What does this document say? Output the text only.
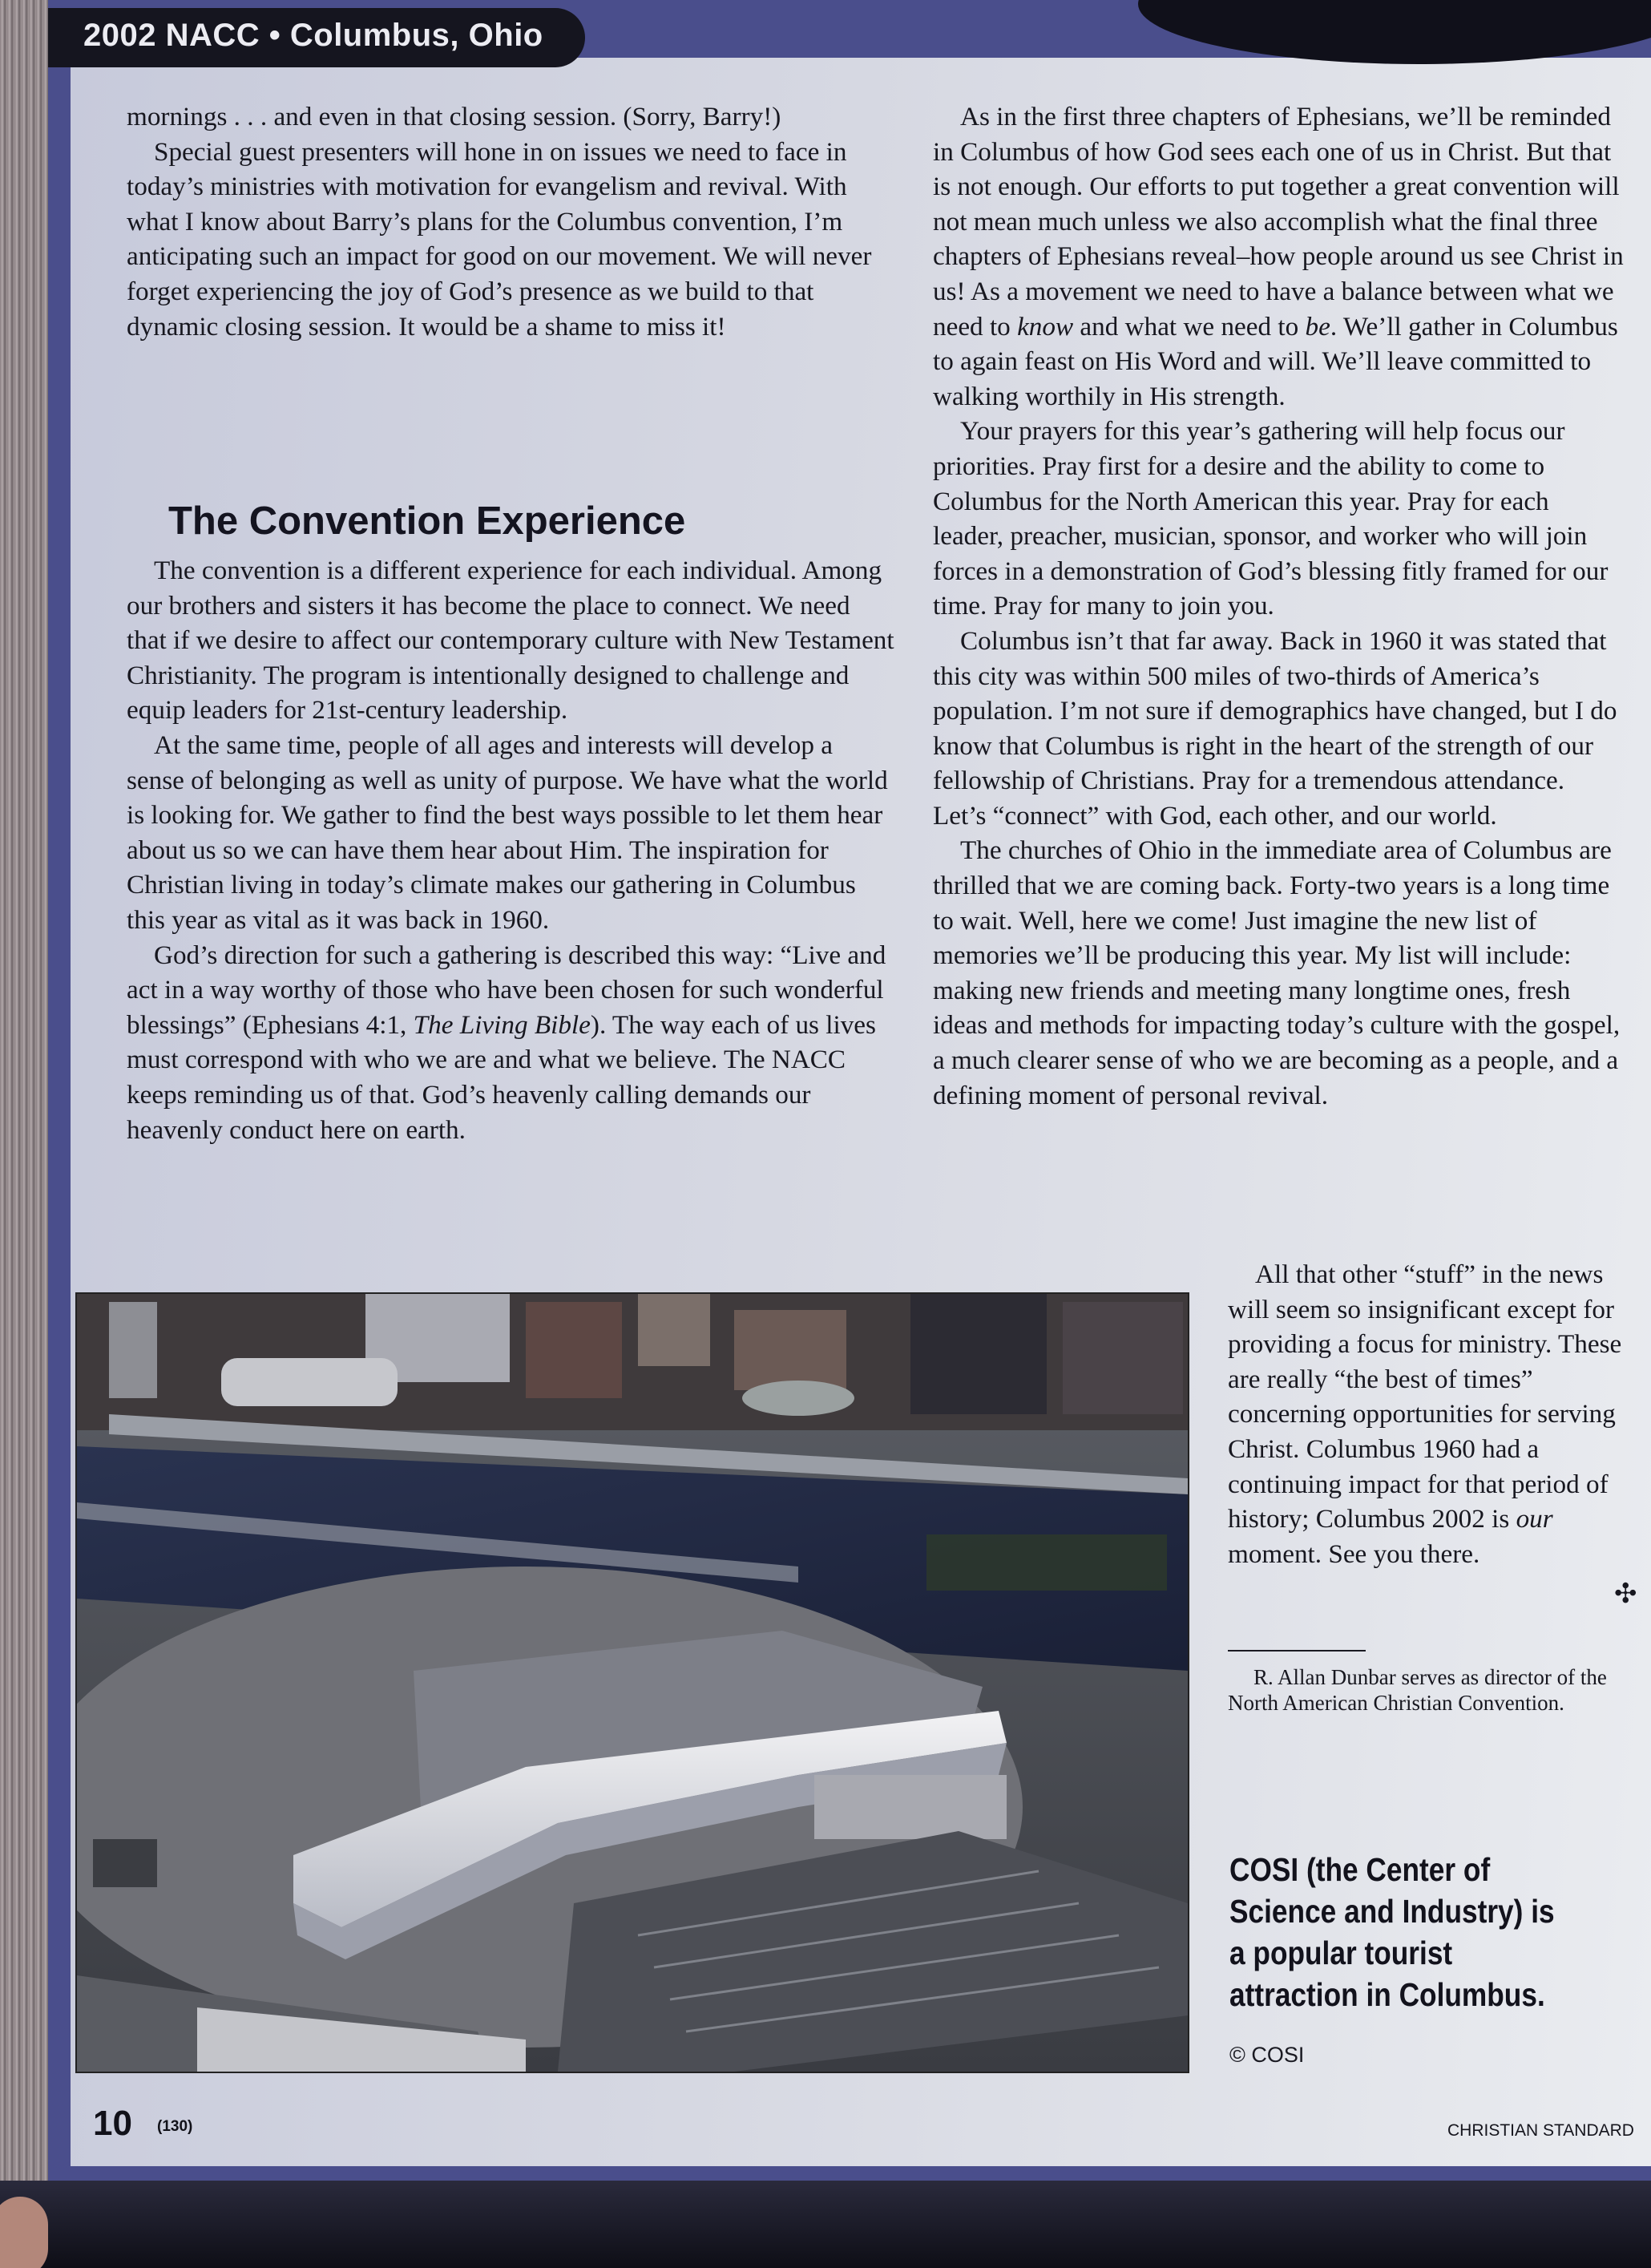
2002 NACC • Columbus, Ohio

mornings . . . and even in that closing session. (Sorry, Barry!)

Special guest presenters will hone in on issues we need to face in today’s ministries with motivation for evangelism and revival. With what I know about Barry’s plans for the Columbus convention, I’m anticipating such an impact for good on our movement. We will never forget experiencing the joy of God’s presence as we build to that dynamic closing session. It would be a shame to miss it!

The Convention Experience

The convention is a different experience for each individual. Among our brothers and sisters it has become the place to connect. We need that if we desire to affect our contemporary culture with New Testament Christianity. The program is intentionally designed to challenge and equip leaders for 21st-century leadership.

At the same time, people of all ages and interests will develop a sense of belonging as well as unity of purpose. We have what the world is looking for. We gather to find the best ways possible to let them hear about us so we can have them hear about Him. The inspiration for Christian living in today’s climate makes our gathering in Columbus this year as vital as it was back in 1960.

God’s direction for such a gathering is described this way: “Live and act in a way worthy of those who have been chosen for such wonderful blessings” (Ephesians 4:1, The Living Bible). The way each of us lives must correspond with who we are and what we believe. The NACC keeps reminding us of that. God’s heavenly calling demands our heavenly conduct here on earth.

As in the first three chapters of Ephesians, we’ll be reminded in Columbus of how God sees each one of us in Christ. But that is not enough. Our efforts to put together a great convention will not mean much unless we also accomplish what the final three chapters of Ephesians reveal–how people around us see Christ in us! As a movement we need to have a balance between what we need to know and what we need to be. We’ll gather in Columbus to again feast on His Word and will. We’ll leave committed to walking worthily in His strength.

Your prayers for this year’s gathering will help focus our priorities. Pray first for a desire and the ability to come to Columbus for the North American this year. Pray for each leader, preacher, musician, sponsor, and worker who will join forces in a demonstration of God’s blessing fitly framed for our time. Pray for many to join you.

Columbus isn’t that far away. Back in 1960 it was stated that this city was within 500 miles of two-thirds of America’s population. I’m not sure if demographics have changed, but I do know that Columbus is right in the heart of the strength of our fellowship of Christians. Pray for a tremendous attendance. Let’s “connect” with God, each other, and our world.

The churches of Ohio in the immediate area of Columbus are thrilled that we are coming back. Forty-two years is a long time to wait. Well, here we come! Just imagine the new list of memories we’ll be producing this year. My list will include: making new friends and meeting many longtime ones, fresh ideas and methods for impacting today’s culture with the gospel, a much clearer sense of who we are becoming as a people, and a defining moment of personal revival.

All that other “stuff” in the news will seem so insignificant except for providing a focus for ministry. These are really “the best of times” concerning opportunities for serving Christ. Columbus 1960 had a continuing impact for that period of history; Columbus 2002 is our moment. See you there.

✣
R. Allan Dunbar serves as director of the North American Christian Convention.
COSI (the Center of Science and Industry) is a popular tourist attraction in Columbus.
© COSI
10 (130)	CHRISTIAN STANDARD
